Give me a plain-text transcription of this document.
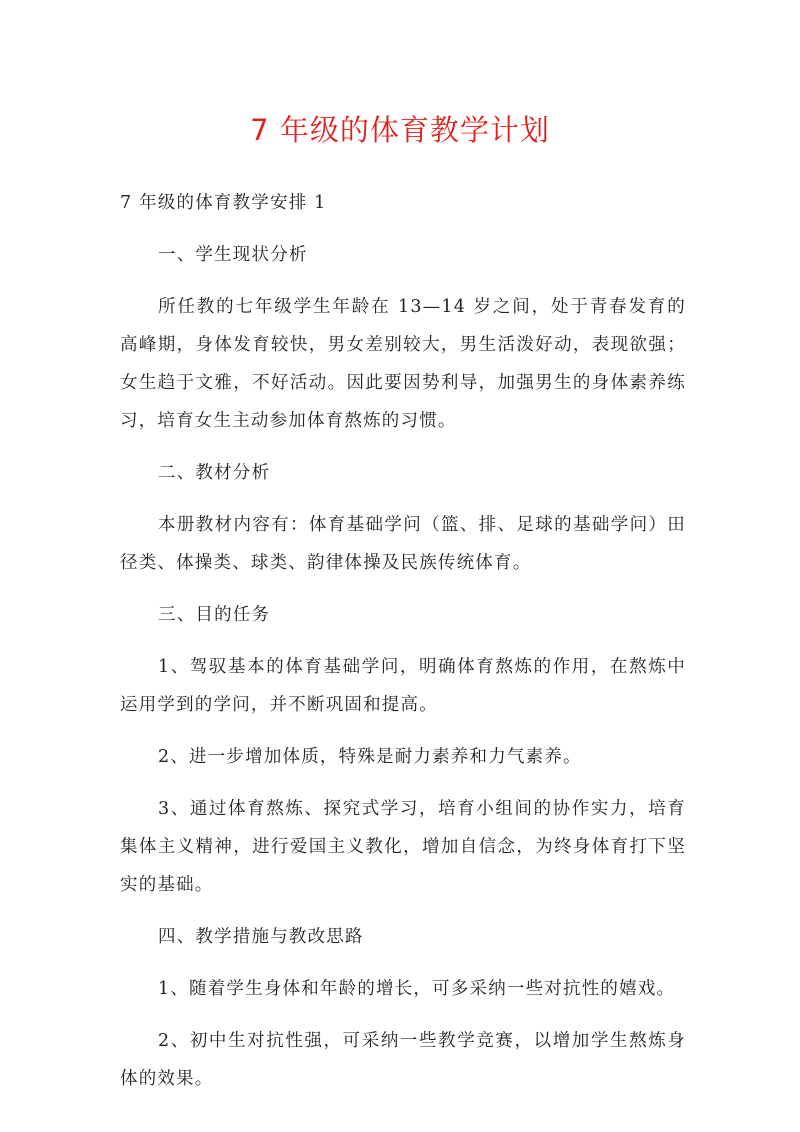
7 年级的体育教学计划

7 年级的体育教学安排 1

一、学生现状分析

所任教的七年级学生年龄在 13—14 岁之间，处于青春发育的高峰期，身体发育较快，男女差别较大，男生活泼好动，表现欲强；女生趋于文雅，不好活动。因此要因势利导，加强男生的身体素养练习，培育女生主动参加体育熬炼的习惯。

二、教材分析

本册教材内容有：体育基础学问（篮、排、足球的基础学问）田径类、体操类、球类、韵律体操及民族传统体育。

三、目的任务

1、驾驭基本的体育基础学问，明确体育熬炼的作用，在熬炼中运用学到的学问，并不断巩固和提高。

2、进一步增加体质，特殊是耐力素养和力气素养。

3、通过体育熬炼、探究式学习，培育小组间的协作实力，培育集体主义精神，进行爱国主义教化，增加自信念，为终身体育打下坚实的基础。

四、教学措施与教改思路

1、随着学生身体和年龄的增长，可多采纳一些对抗性的嬉戏。

2、初中生对抗性强，可采纳一些教学竞赛，以增加学生熬炼身体的效果。
